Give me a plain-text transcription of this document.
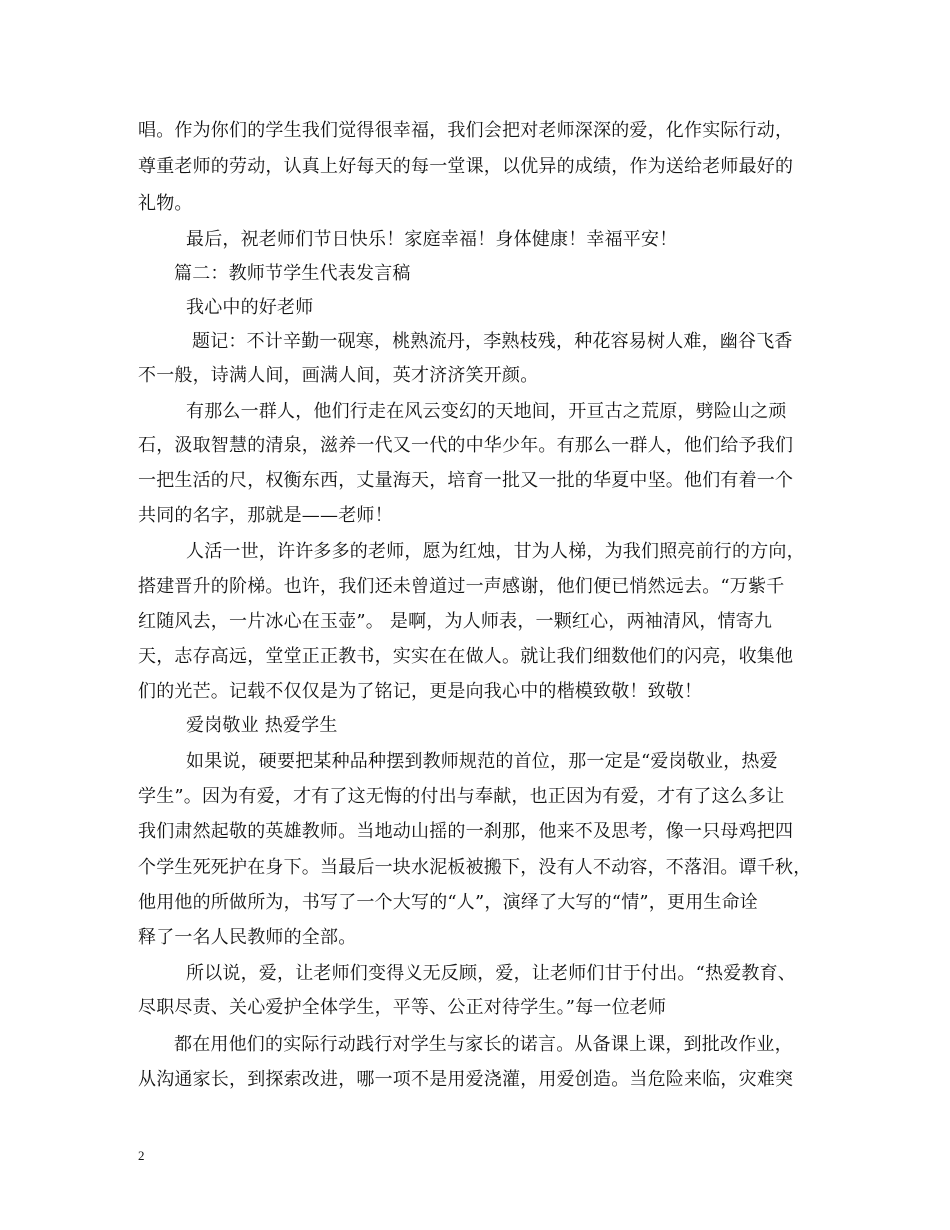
唱。作为你们的学生我们觉得很幸福，我们会把对老师深深的爱，化作实际行动，
尊重老师的劳动，认真上好每天的每一堂课，以优异的成绩，作为送给老师最好的
礼物。
最后，祝老师们节日快乐！家庭幸福！身体健康！幸福平安！
篇二：教师节学生代表发言稿
我心中的好老师
题记：不计辛勤一砚寒，桃熟流丹，李熟枝残，种花容易树人难，幽谷飞香
不一般，诗满人间，画满人间，英才济济笑开颜。
有那么一群人，他们行走在风云变幻的天地间，开亘古之荒原，劈险山之顽
石，汲取智慧的清泉，滋养一代又一代的中华少年。有那么一群人，他们给予我们
一把生活的尺，权衡东西，丈量海天，培育一批又一批的华夏中坚。他们有着一个
共同的名字，那就是——老师！
人活一世，许许多多的老师，愿为红烛，甘为人梯，为我们照亮前行的方向，
搭建晋升的阶梯。也许，我们还未曾道过一声感谢，他们便已悄然远去。“万紫千
红随风去，一片冰心在玉壶”。 是啊，为人师表，一颗红心，两袖清风，情寄九
天，志存高远，堂堂正正教书，实实在在做人。就让我们细数他们的闪亮，收集他
们的光芒。记载不仅仅是为了铭记，更是向我心中的楷模致敬！致敬！
爱岗敬业 热爱学生
如果说，硬要把某种品种摆到教师规范的首位，那一定是“爱岗敬业，热爱
学生”。因为有爱，才有了这无悔的付出与奉献，也正因为有爱，才有了这么多让
我们肃然起敬的英雄教师。当地动山摇的一刹那，他来不及思考，像一只母鸡把四
个学生死死护在身下。当最后一块水泥板被搬下，没有人不动容，不落泪。谭千秋，
他用他的所做所为，书写了一个大写的“人”，演绎了大写的“情”，更用生命诠
释了一名人民教师的全部。
所以说，爱，让老师们变得义无反顾，爱，让老师们甘于付出。“热爱教育、
尽职尽责、关心爱护全体学生，平等、公正对待学生。”每一位老师
都在用他们的实际行动践行对学生与家长的诺言。从备课上课，到批改作业，
从沟通家长，到探索改进，哪一项不是用爱浇灌，用爱创造。当危险来临，灾难突
2
